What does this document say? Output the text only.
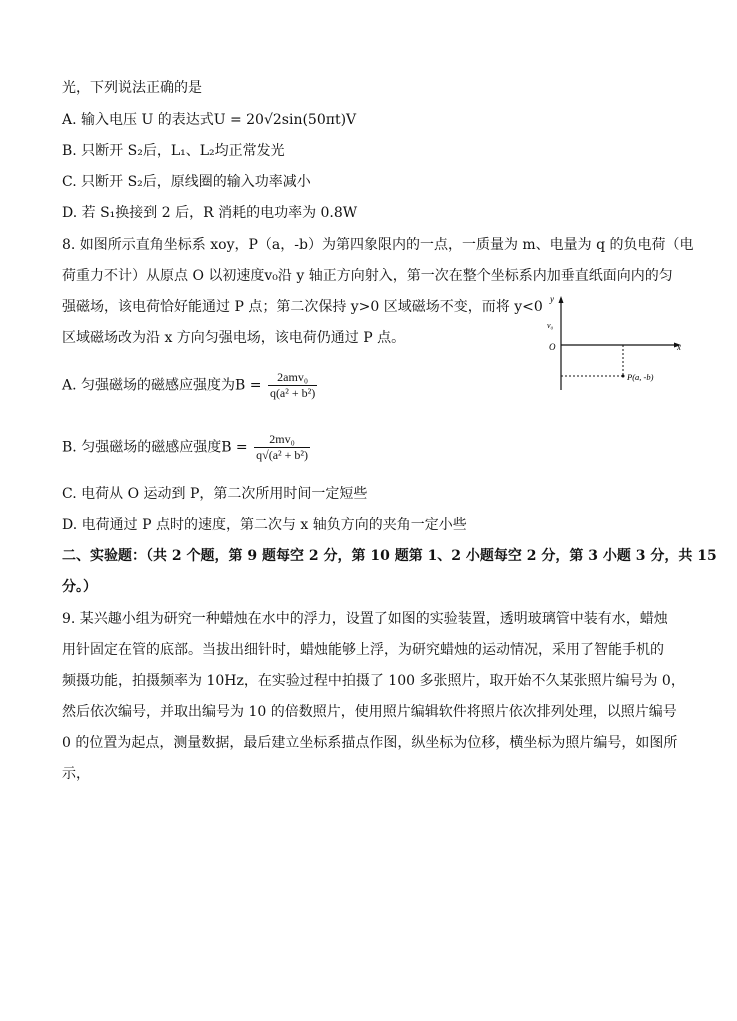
光，下列说法正确的是
A. 输入电压 U 的表达式U = 20√2sin(50πt)V
B. 只断开 S₂后，L₁、L₂均正常发光
C. 只断开 S₂后，原线圈的输入功率减小
D. 若 S₁换接到 2 后，R 消耗的电功率为 0.8W
8. 如图所示直角坐标系 xoy，P（a，-b）为第四象限内的一点，一质量为 m、电量为 q 的负电荷（电
荷重力不计）从原点 O 以初速度v₀沿 y 轴正方向射入，第一次在整个坐标系内加垂直纸面向内的匀
强磁场，该电荷恰好能通过 P 点；第二次保持 y>0 区域磁场不变，而将 y<0
区域磁场改为沿 x 方向匀强电场，该电荷仍通过 P 点。
A. 匀强磁场的磁感应强度为$B = \frac{\text{2amv₀}}{\text{q(a² + b²)}}$
B. 匀强磁场的磁感应强度$B = \frac{\text{2mv₀}}{\text{q√(a² + b²)}}$
C. 电荷从 O 运动到 P，第二次所用时间一定短些
D. 电荷通过 P 点时的速度，第二次与 x 轴负方向的夹角一定小些
二、实验题：（共 2 个题，第 9 题每空 2 分，第 10 题第 1、2 小题每空 2 分，第 3 小题 3 分，共 15
分。）
9. 某兴趣小组为研究一种蜡烛在水中的浮力，设置了如图的实验装置，透明玻璃管中装有水，蜡烛
用针固定在管的底部。当拔出细针时，蜡烛能够上浮，为研究蜡烛的运动情况，采用了智能手机的
频摄功能，拍摄频率为 10Hz，在实验过程中拍摄了 100 多张照片，取开始不久某张照片编号为 0，
然后依次编号，并取出编号为 10 的倍数照片，使用照片编辑软件将照片依次排列处理，以照片编号
0 的位置为起点，测量数据，最后建立坐标系描点作图，纵坐标为位移，横坐标为照片编号，如图所
示，
y
x
O
v₀
P(a, -b)
